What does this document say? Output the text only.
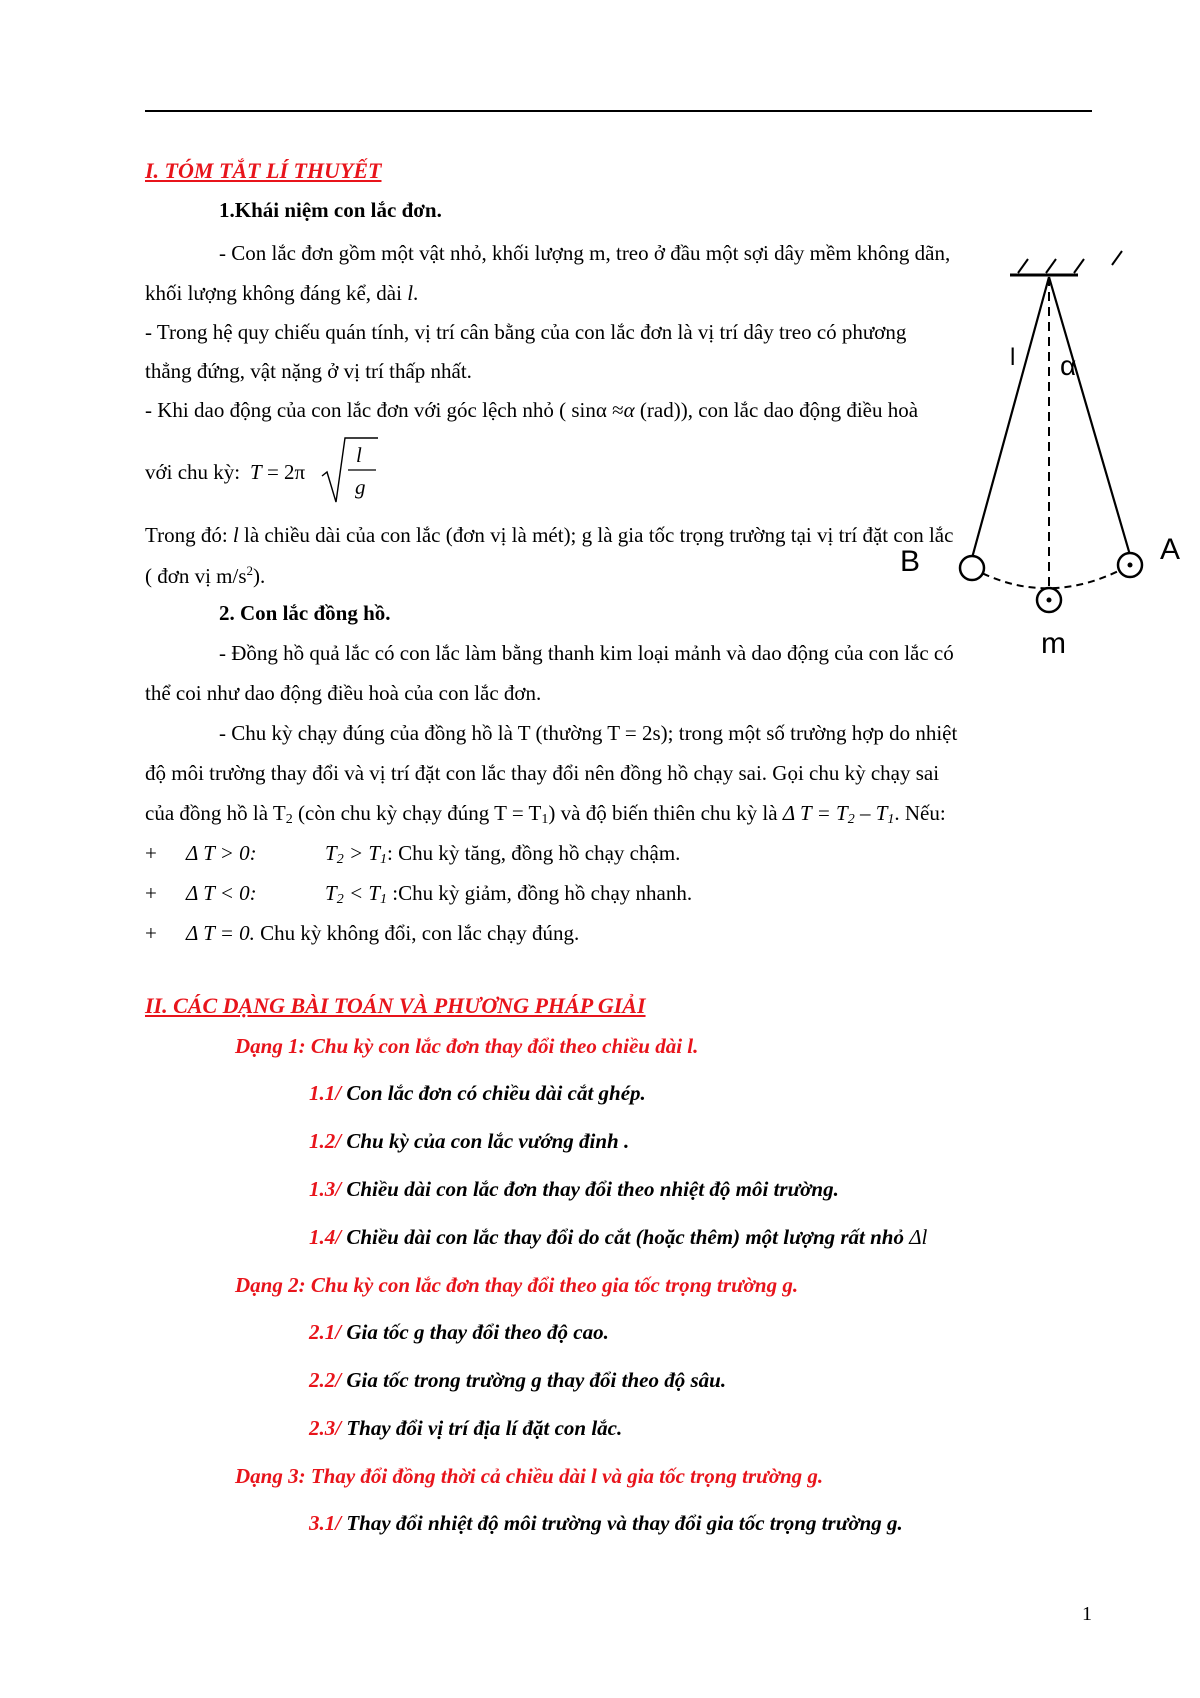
I. TÓM TẮT LÍ THUYẾT
1.Khái niệm con lắc đơn.
- Con lắc đơn gồm một vật nhỏ, khối lượng m, treo ở đầu một sợi dây mềm không dãn,
khối lượng không đáng kể, dài l.
- Trong hệ quy chiếu quán tính, vị trí cân bằng của con lắc đơn là vị trí dây treo có phương
thẳng đứng, vật nặng ở vị trí thấp nhất.
- Khi dao động của con lắc đơn với góc lệch nhỏ ( sinα ≈α (rad)), con lắc dao động điều hoà
với chu kỳ: T = 2π
l
g
Trong đó: l là chiều dài của con lắc (đơn vị là mét); g là gia tốc trọng trường tại vị trí đặt con lắc
( đơn vị $m/s^2$).
2. Con lắc đồng hồ.
- Đồng hồ quả lắc có con lắc làm bằng thanh kim loại mảnh và dao động của con lắc có
thể coi như dao động điều hoà của con lắc đơn.
- Chu kỳ chạy đúng của đồng hồ là T (thường T = 2s); trong một số trường hợp do nhiệt
độ môi trường thay đổi và vị trí đặt con lắc thay đổi nên đồng hồ chạy sai. Gọi chu kỳ chạy sai
của đồng hồ là $T_2$ (còn chu kỳ chạy đúng $T = T_1$) và độ biến thiên chu kỳ là Δ $T = T_2 - T_1$. Nếu:
+ Δ T > 0:	$T_2 > T_1$: Chu kỳ tăng, đồng hồ chạy chậm.
+ Δ T < 0:	$T_2 < T_1$ :Chu kỳ giảm, đồng hồ chạy nhanh.
+ Δ T = 0. Chu kỳ không đổi, con lắc chạy đúng.
II. CÁC DẠNG BÀI TOÁN VÀ PHƯƠNG PHÁP GIẢI
Dạng 1: Chu kỳ con lắc đơn thay đổi theo chiều dài l.
1.1/ Con lắc đơn có chiều dài cắt ghép.
1.2/ Chu kỳ của con lắc vướng đinh .
1.3/ Chiều dài con lắc đơn thay đổi theo nhiệt độ môi trường.
1.4/ Chiều dài con lắc thay đổi do cắt (hoặc thêm) một lượng rất nhỏ Δl
Dạng 2: Chu kỳ con lắc đơn thay đổi theo gia tốc trọng trường g.
2.1/ Gia tốc g thay đổi theo độ cao.
2.2/ Gia tốc trong trường g thay đổi theo độ sâu.
2.3/ Thay đổi vị trí địa lí đặt con lắc.
Dạng 3: Thay đổi đồng thời cả chiều dài l và gia tốc trọng trường g.
3.1/ Thay đổi nhiệt độ môi trường và thay đổi gia tốc trọng trường g.
l α
A
B
m
1
